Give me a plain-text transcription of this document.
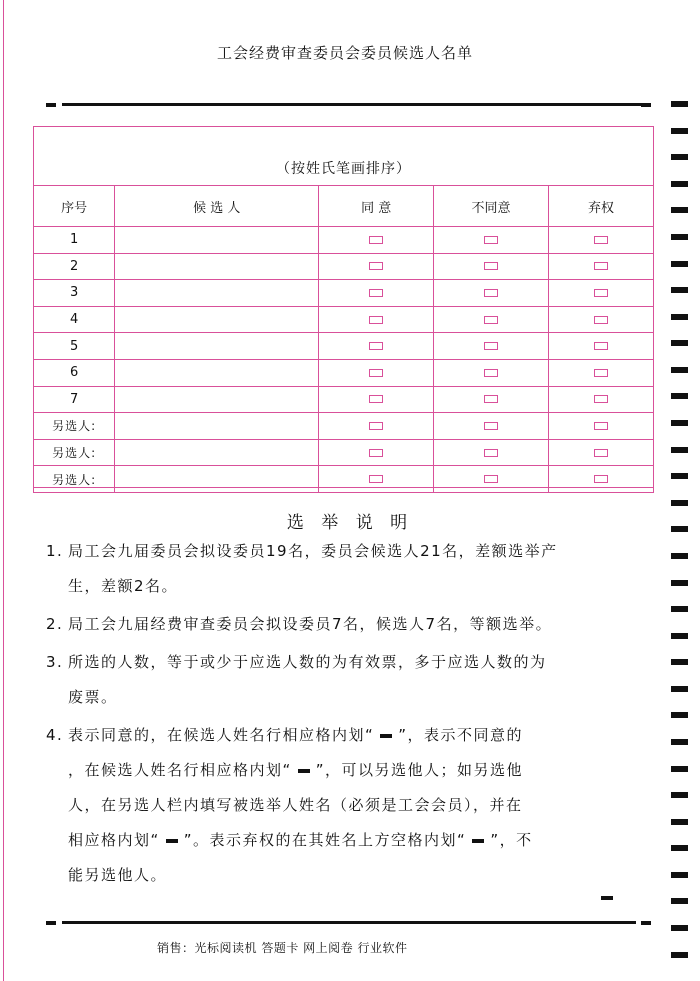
工会经费审查委员会委员候选人名单
（按姓氏笔画排序）
序号	候 选 人	同 意	不同意	弃权
1				
2				
3				
4				
5				
6				
7				
另选人:				
另选人:				
另选人:				
选 举 说 明
1. 局工会九届委员会拟设委员19名，委员会候选人21名，差额选举产
生，差额2名。
2. 局工会九届经费审查委员会拟设委员7名，候选人7名，等额选举。
3. 所选的人数，等于或少于应选人数的为有效票，多于应选人数的为
废票。
4. 表示同意的，在候选人姓名行相应格内划“ ”，表示不同意的
，在候选人姓名行相应格内划“ ”，可以另选他人；如另选他
人，在另选人栏内填写被选举人姓名（必须是工会会员），并在
相应格内划“ ”。表示弃权的在其姓名上方空格内划“ ”，不
能另选他人。
销售：光标阅读机 答题卡 网上阅卷 行业软件
